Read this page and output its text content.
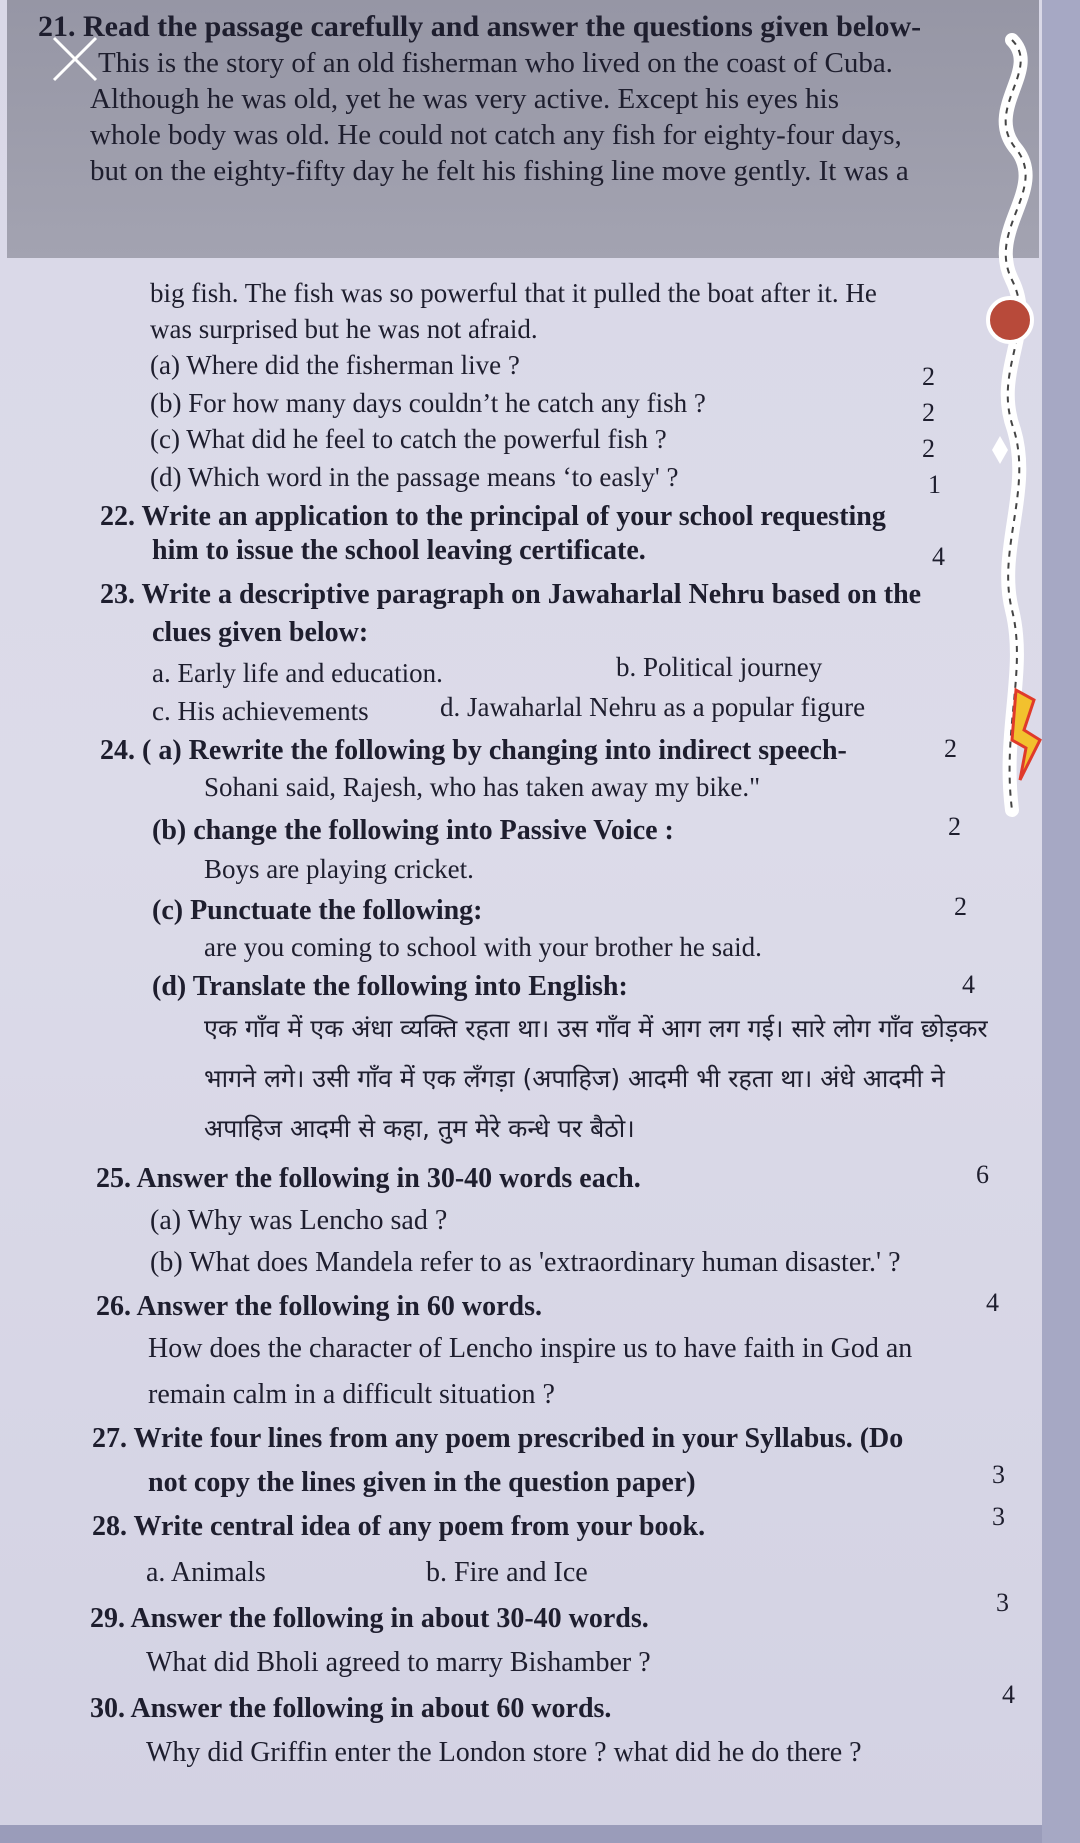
21. Read the passage carefully and answer the questions given below-
This is the story of an old fisherman who lived on the coast of Cuba.
Although he was old, yet he was very active. Except his eyes his
whole body was old. He could not catch any fish for eighty-four days,
but on the eighty-fifty day he felt his fishing line move gently. It was a
big fish. The fish was so powerful that it pulled the boat after it. He
was surprised but he was not afraid.
(a) Where did the fisherman live ?	2
(b) For how many days couldn’t he catch any fish ?	2
(c) What did he feel to catch the powerful fish ?	2
(d) Which word in the passage means ‘to easly' ?	1
22. Write an application to the principal of your school requesting
him to issue the school leaving certificate.	4
23. Write a descriptive paragraph on Jawaharlal Nehru based on the
clues given below:
a. Early life and education.	b. Political journey
c. His achievements	d. Jawaharlal Nehru as a popular figure
24. ( a) Rewrite the following by changing into indirect speech-	2
Sohani said, Rajesh, who has taken away my bike."
(b) change the following into Passive Voice :	2
Boys are playing cricket.
(c) Punctuate the following:	2
are you coming to school with your brother he said.
(d) Translate the following into English:	4
एक गाँव में एक अंधा व्यक्ति रहता था। उस गाँव में आग लग गई। सारे लोग गाँव छोड़कर
भागने लगे। उसी गाँव में एक लँगड़ा (अपाहिज) आदमी भी रहता था। अंधे आदमी ने
अपाहिज आदमी से कहा, तुम मेरे कन्धे पर बैठो।
25. Answer the following in 30-40 words each.	6
(a) Why was Lencho sad ?
(b) What does Mandela refer to as 'extraordinary human disaster.' ?
26. Answer the following in 60 words.	4
How does the character of Lencho inspire us to have faith in God an
remain calm in a difficult situation ?
27. Write four lines from any poem prescribed in your Syllabus. (Do
not copy the lines given in the question paper)	3
28. Write central idea of any poem from your book.	3
a. Animals	b. Fire and Ice
29. Answer the following in about 30-40 words.
3
What did Bholi agreed to marry Bishamber ?
30. Answer the following in about 60 words.	4
Why did Griffin enter the London store ? what did he do there ?
